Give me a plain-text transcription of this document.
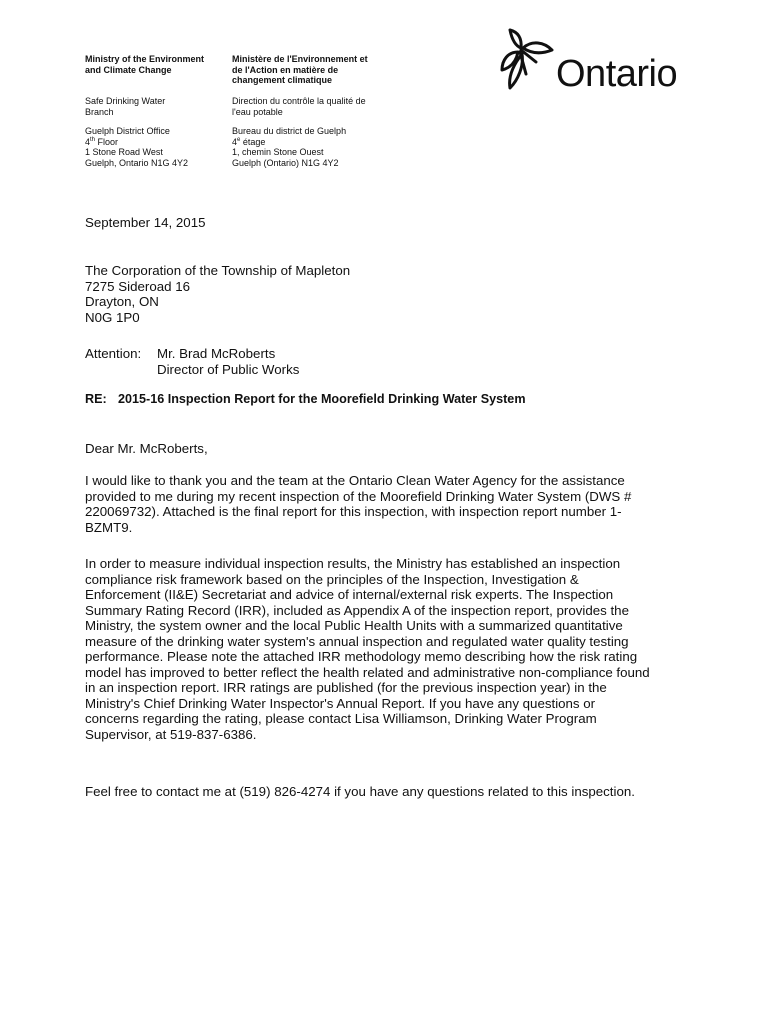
Ministry of the Environment
and Climate Change
Safe Drinking Water
Branch
Guelph District Office
4th Floor
1 Stone Road West
Guelph, Ontario N1G 4Y2
Ministère de l'Environnement et
de l'Action en matière de
changement climatique
Direction du contrôle la qualité de
l'eau potable
Bureau du district de Guelph
4e étage
1, chemin Stone Ouest
Guelph (Ontario) N1G 4Y2
Ontario
September 14, 2015
The Corporation of the Township of Mapleton
7275 Sideroad 16
Drayton, ON
N0G 1P0
Attention: Mr. Brad McRoberts
Director of Public Works
RE: 2015-16 Inspection Report for the Moorefield Drinking Water System
Dear Mr. McRoberts,
I would like to thank you and the team at the Ontario Clean Water Agency for the assistance
provided to me during my recent inspection of the Moorefield Drinking Water System (DWS #
220069732). Attached is the final report for this inspection, with inspection report number 1-
BZMT9.
In order to measure individual inspection results, the Ministry has established an inspection
compliance risk framework based on the principles of the Inspection, Investigation &
Enforcement (II&E) Secretariat and advice of internal/external risk experts. The Inspection
Summary Rating Record (IRR), included as Appendix A of the inspection report, provides the
Ministry, the system owner and the local Public Health Units with a summarized quantitative
measure of the drinking water system's annual inspection and regulated water quality testing
performance. Please note the attached IRR methodology memo describing how the risk rating
model has improved to better reflect the health related and administrative non-compliance found
in an inspection report. IRR ratings are published (for the previous inspection year) in the
Ministry's Chief Drinking Water Inspector's Annual Report. If you have any questions or
concerns regarding the rating, please contact Lisa Williamson, Drinking Water Program
Supervisor, at 519-837-6386.
Feel free to contact me at (519) 826-4274 if you have any questions related to this inspection.
